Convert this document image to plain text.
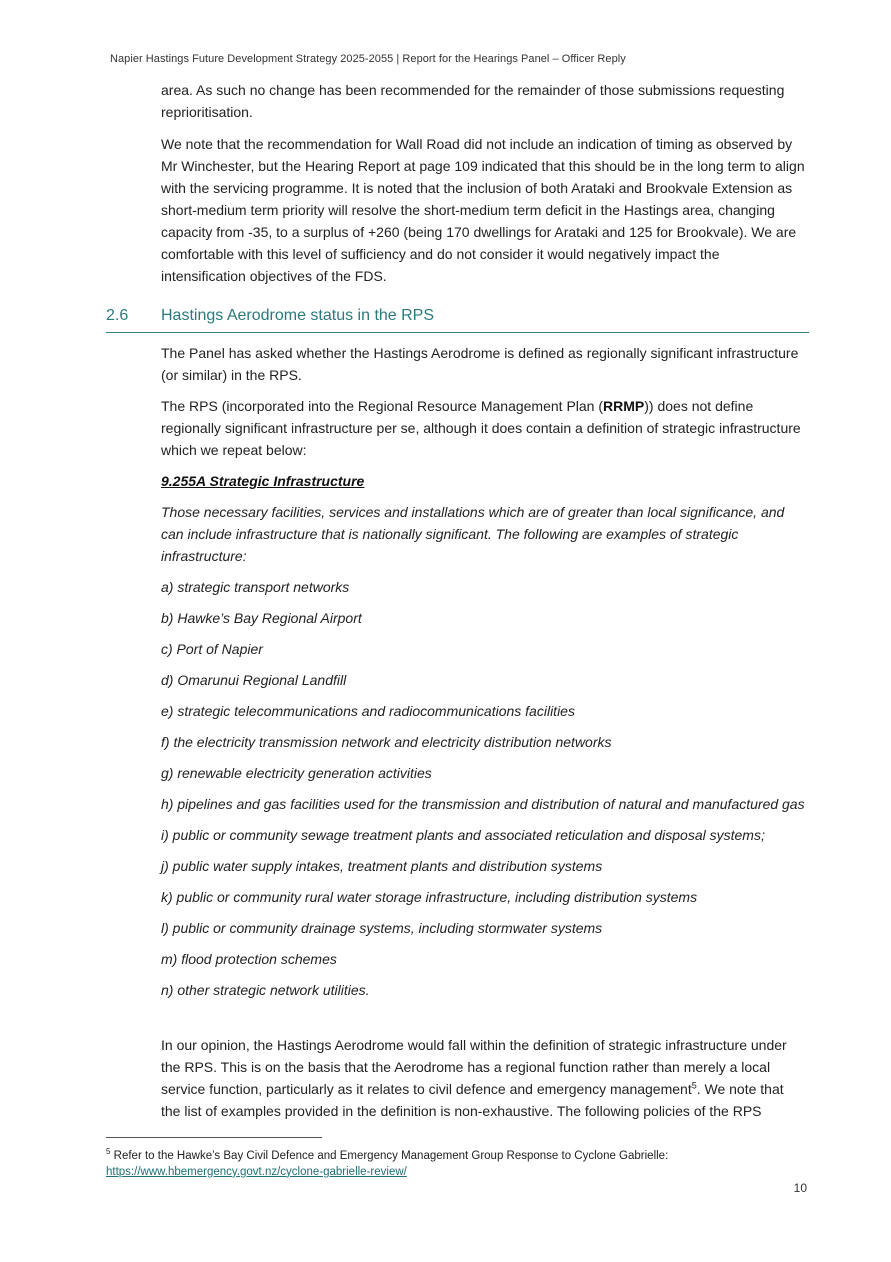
Napier Hastings Future Development Strategy 2025-2055 | Report for the Hearings Panel – Officer Reply

area. As such no change has been recommended for the remainder of those submissions requesting reprioritisation.

We note that the recommendation for Wall Road did not include an indication of timing as observed by Mr Winchester, but the Hearing Report at page 109 indicated that this should be in the long term to align with the servicing programme. It is noted that the inclusion of both Arataki and Brookvale Extension as short-medium term priority will resolve the short-medium term deficit in the Hastings area, changing capacity from -35, to a surplus of +260 (being 170 dwellings for Arataki and 125 for Brookvale). We are comfortable with this level of sufficiency and do not consider it would negatively impact the intensification objectives of the FDS.

2.6 Hastings Aerodrome status in the RPS

The Panel has asked whether the Hastings Aerodrome is defined as regionally significant infrastructure (or similar) in the RPS.

The RPS (incorporated into the Regional Resource Management Plan (RRMP)) does not define regionally significant infrastructure per se, although it does contain a definition of strategic infrastructure which we repeat below:

9.255A Strategic Infrastructure

Those necessary facilities, services and installations which are of greater than local significance, and can include infrastructure that is nationally significant. The following are examples of strategic infrastructure:

a) strategic transport networks
b) Hawke’s Bay Regional Airport
c) Port of Napier
d) Omarunui Regional Landfill
e) strategic telecommunications and radiocommunications facilities
f) the electricity transmission network and electricity distribution networks
g) renewable electricity generation activities
h) pipelines and gas facilities used for the transmission and distribution of natural and manufactured gas
i) public or community sewage treatment plants and associated reticulation and disposal systems;
j) public water supply intakes, treatment plants and distribution systems
k) public or community rural water storage infrastructure, including distribution systems
l) public or community drainage systems, including stormwater systems
m) flood protection schemes
n) other strategic network utilities.

In our opinion, the Hastings Aerodrome would fall within the definition of strategic infrastructure under the RPS. This is on the basis that the Aerodrome has a regional function rather than merely a local service function, particularly as it relates to civil defence and emergency management$^5$. We note that the list of examples provided in the definition is non-exhaustive. The following policies of the RPS

$^5$ Refer to the Hawke’s Bay Civil Defence and Emergency Management Group Response to Cyclone Gabrielle:
https://www.hbemergency.govt.nz/cyclone-gabrielle-review/
10
